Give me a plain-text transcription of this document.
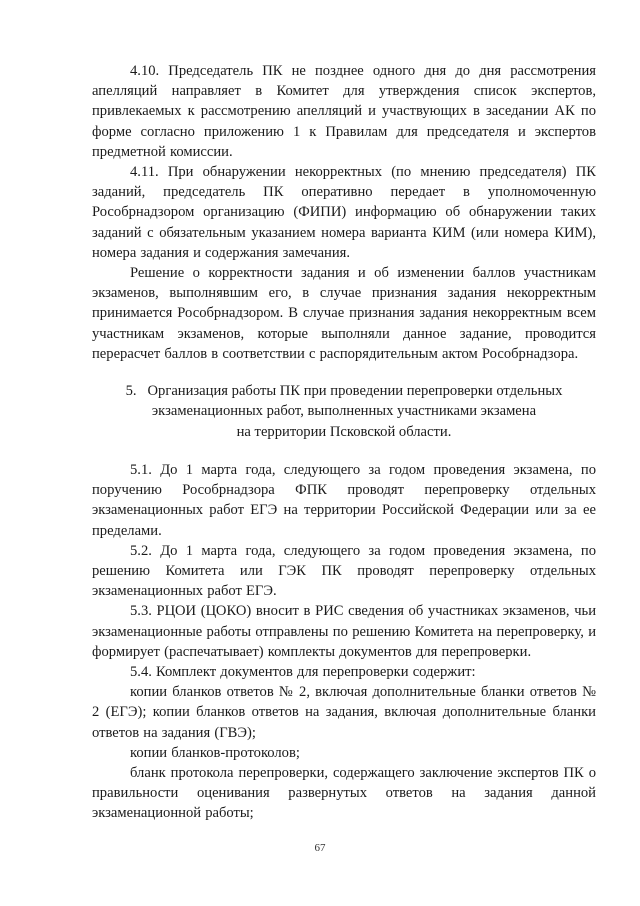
4.10. Председатель ПК не позднее одного дня до дня рассмотрения апелляций направляет в Комитет для утверждения список экспертов, привлекаемых к рассмотрению апелляций и участвующих в заседании АК по форме согласно приложению 1 к Правилам для председателя и экспертов предметной комиссии.

4.11. При обнаружении некорректных (по мнению председателя) ПК заданий, председатель ПК оперативно передает в уполномоченную Рособрнадзором организацию (ФИПИ) информацию об обнаружении таких заданий с обязательным указанием номера варианта КИМ (или номера КИМ), номера задания и содержания замечания.

Решение о корректности задания и об изменении баллов участникам экзаменов, выполнявшим его, в случае признания задания некорректным принимается Рособрнадзором. В случае признания задания некорректным всем участникам экзаменов, которые выполняли данное задание, проводится перерасчет баллов в соответствии с распорядительным актом Рособрнадзора.

5.   Организация работы ПК при проведении перепроверки отдельных
экзаменационных работ, выполненных участниками экзамена
на территории Псковской области.

5.1. До 1 марта года, следующего за годом проведения экзамена, по поручению Рособрнадзора ФПК проводят перепроверку отдельных экзаменационных работ ЕГЭ на территории Российской Федерации или за ее пределами.

5.2. До 1 марта года, следующего за годом проведения экзамена, по решению Комитета или ГЭК ПК проводят перепроверку отдельных экзаменационных работ ЕГЭ.

5.3. РЦОИ (ЦОКО) вносит в РИС сведения об участниках экзаменов, чьи экзаменационные работы отправлены по решению Комитета на перепроверку, и формирует (распечатывает) комплекты документов для перепроверки.

5.4. Комплект документов для перепроверки содержит:

копии бланков ответов № 2, включая дополнительные бланки ответов № 2 (ЕГЭ); копии бланков ответов на задания, включая дополнительные бланки ответов на задания (ГВЭ);

копии бланков-протоколов;

бланк протокола перепроверки, содержащего заключение экспертов ПК о правильности оценивания развернутых ответов на задания данной экзаменационной работы;

67
